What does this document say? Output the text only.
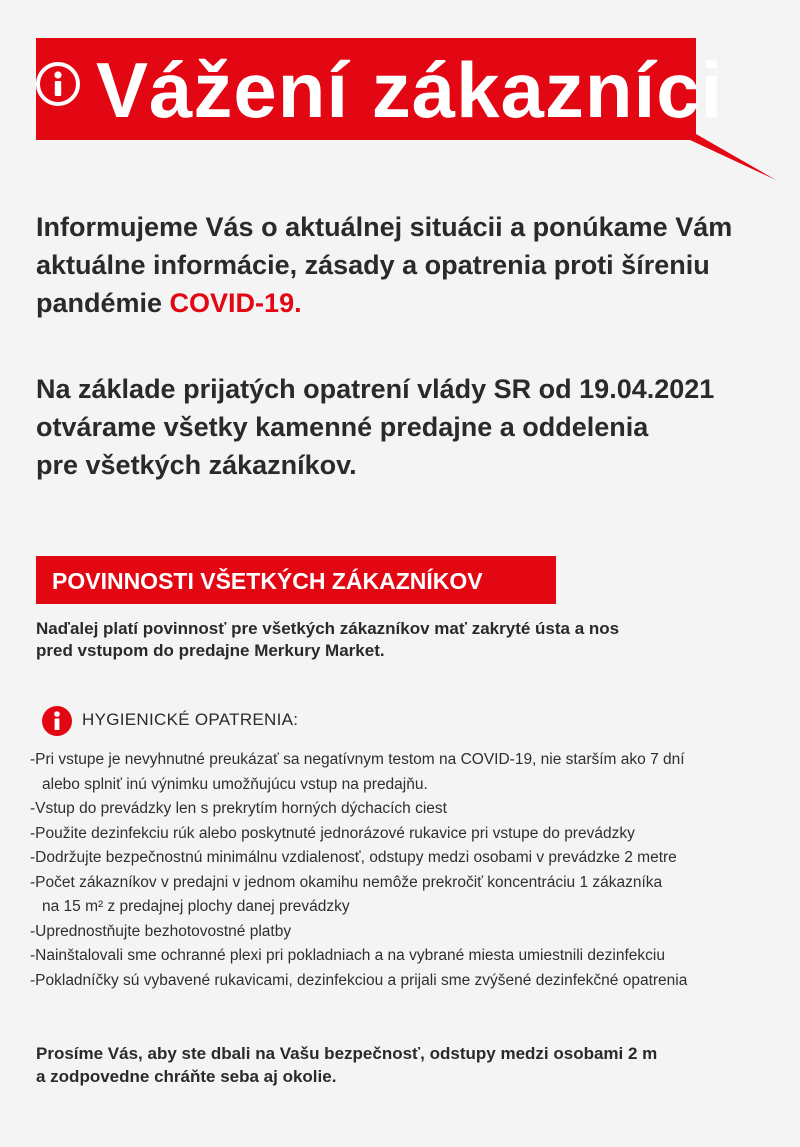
Vážení zákazníci
Informujeme Vás o aktuálnej situácii a ponúkame Vám aktuálne informácie, zásady a opatrenia proti šíreniu pandémie COVID-19.
Na základe prijatých opatrení vlády SR od 19.04.2021
otvárame všetky kamenné predajne a oddelenia
pre všetkých zákazníkov.
POVINNOSTI VŠETKÝCH ZÁKAZNÍKOV
Naďalej platí povinnosť pre všetkých zákazníkov mať zakryté ústa a nos
pred vstupom do predajne Merkury Market.
HYGIENICKÉ OPATRENIA:
-Pri vstupe je nevyhnutné preukázať sa negatívnym testom na COVID-19, nie starším ako 7 dní
alebo splniť inú výnimku umožňujúcu vstup na predajňu.
-Vstup do prevádzky len s prekrytím horných dýchacích ciest
-Použite dezinfekciu rúk alebo poskytnuté jednorázové rukavice pri vstupe do prevádzky
-Dodržujte bezpečnostnú minimálnu vzdialenosť, odstupy medzi osobami v prevádzke 2 metre
-Počet zákazníkov v predajni v jednom okamihu nemôže prekročiť koncentráciu 1 zákazníka
na 15 m² z predajnej plochy danej prevádzky
-Uprednostňujte bezhotovostné platby
-Nainštalovali sme ochranné plexi pri pokladniach a na vybrané miesta umiestnili dezinfekciu
-Pokladníčky sú vybavené rukavicami, dezinfekciou a prijali sme zvýšené dezinfekčné opatrenia
Prosíme Vás, aby ste dbali na Vašu bezpečnosť, odstupy medzi osobami 2 m
a zodpovedne chráňte seba aj okolie.
